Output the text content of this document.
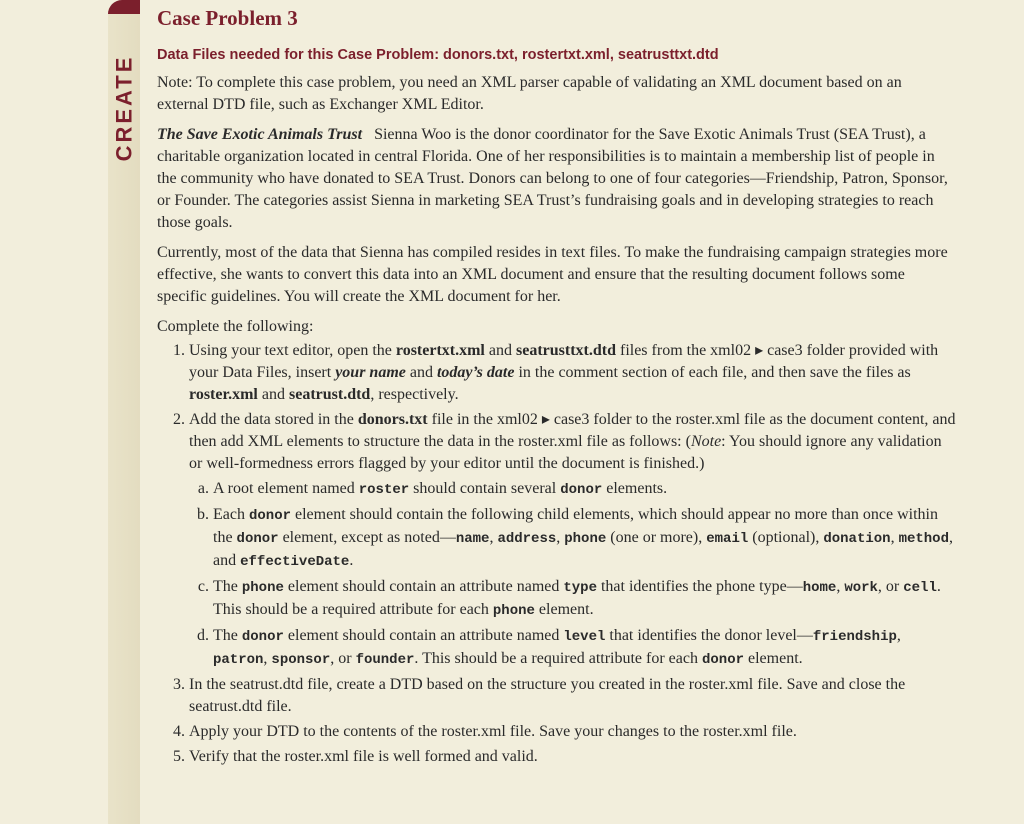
CREATE
Case Problem 3
Data Files needed for this Case Problem: donors.txt, rostertxt.xml, seatrusttxt.dtd

Note: To complete this case problem, you need an XML parser capable of validating an XML document based on an external DTD file, such as Exchanger XML Editor.

The Save Exotic Animals Trust Sienna Woo is the donor coordinator for the Save Exotic Animals Trust (SEA Trust), a charitable organization located in central Florida. One of her responsibilities is to maintain a membership list of people in the community who have donated to SEA Trust. Donors can belong to one of four categories—Friendship, Patron, Sponsor, or Founder. The categories assist Sienna in marketing SEA Trust’s fundraising goals and in developing strategies to reach those goals.

Currently, most of the data that Sienna has compiled resides in text files. To make the fundraising campaign strategies more effective, she wants to convert this data into an XML document and ensure that the resulting document follows some specific guidelines. You will create the XML document for her.

Complete the following:

1. Using your text editor, open the rostertxt.xml and seatrusttxt.dtd files from the xml02 ▸ case3 folder provided with your Data Files, insert your name and today’s date in the comment section of each file, and then save the files as roster.xml and seatrust.dtd, respectively.
2. Add the data stored in the donors.txt file in the xml02 ▸ case3 folder to the roster.xml file as the document content, and then add XML elements to structure the data in the roster.xml file as follows: (Note: You should ignore any validation or well-formedness errors flagged by your editor until the document is finished.)
a. A root element named roster should contain several donor elements.
b. Each donor element should contain the following child elements, which should appear no more than once within the donor element, except as noted—name, address, phone (one or more), email (optional), donation, method, and effectiveDate.
c. The phone element should contain an attribute named type that identifies the phone type—home, work, or cell. This should be a required attribute for each phone element.
d. The donor element should contain an attribute named level that identifies the donor level—friendship, patron, sponsor, or founder. This should be a required attribute for each donor element.
3. In the seatrust.dtd file, create a DTD based on the structure you created in the roster.xml file. Save and close the seatrust.dtd file.
4. Apply your DTD to the contents of the roster.xml file. Save your changes to the roster.xml file.
5. Verify that the roster.xml file is well formed and valid.
